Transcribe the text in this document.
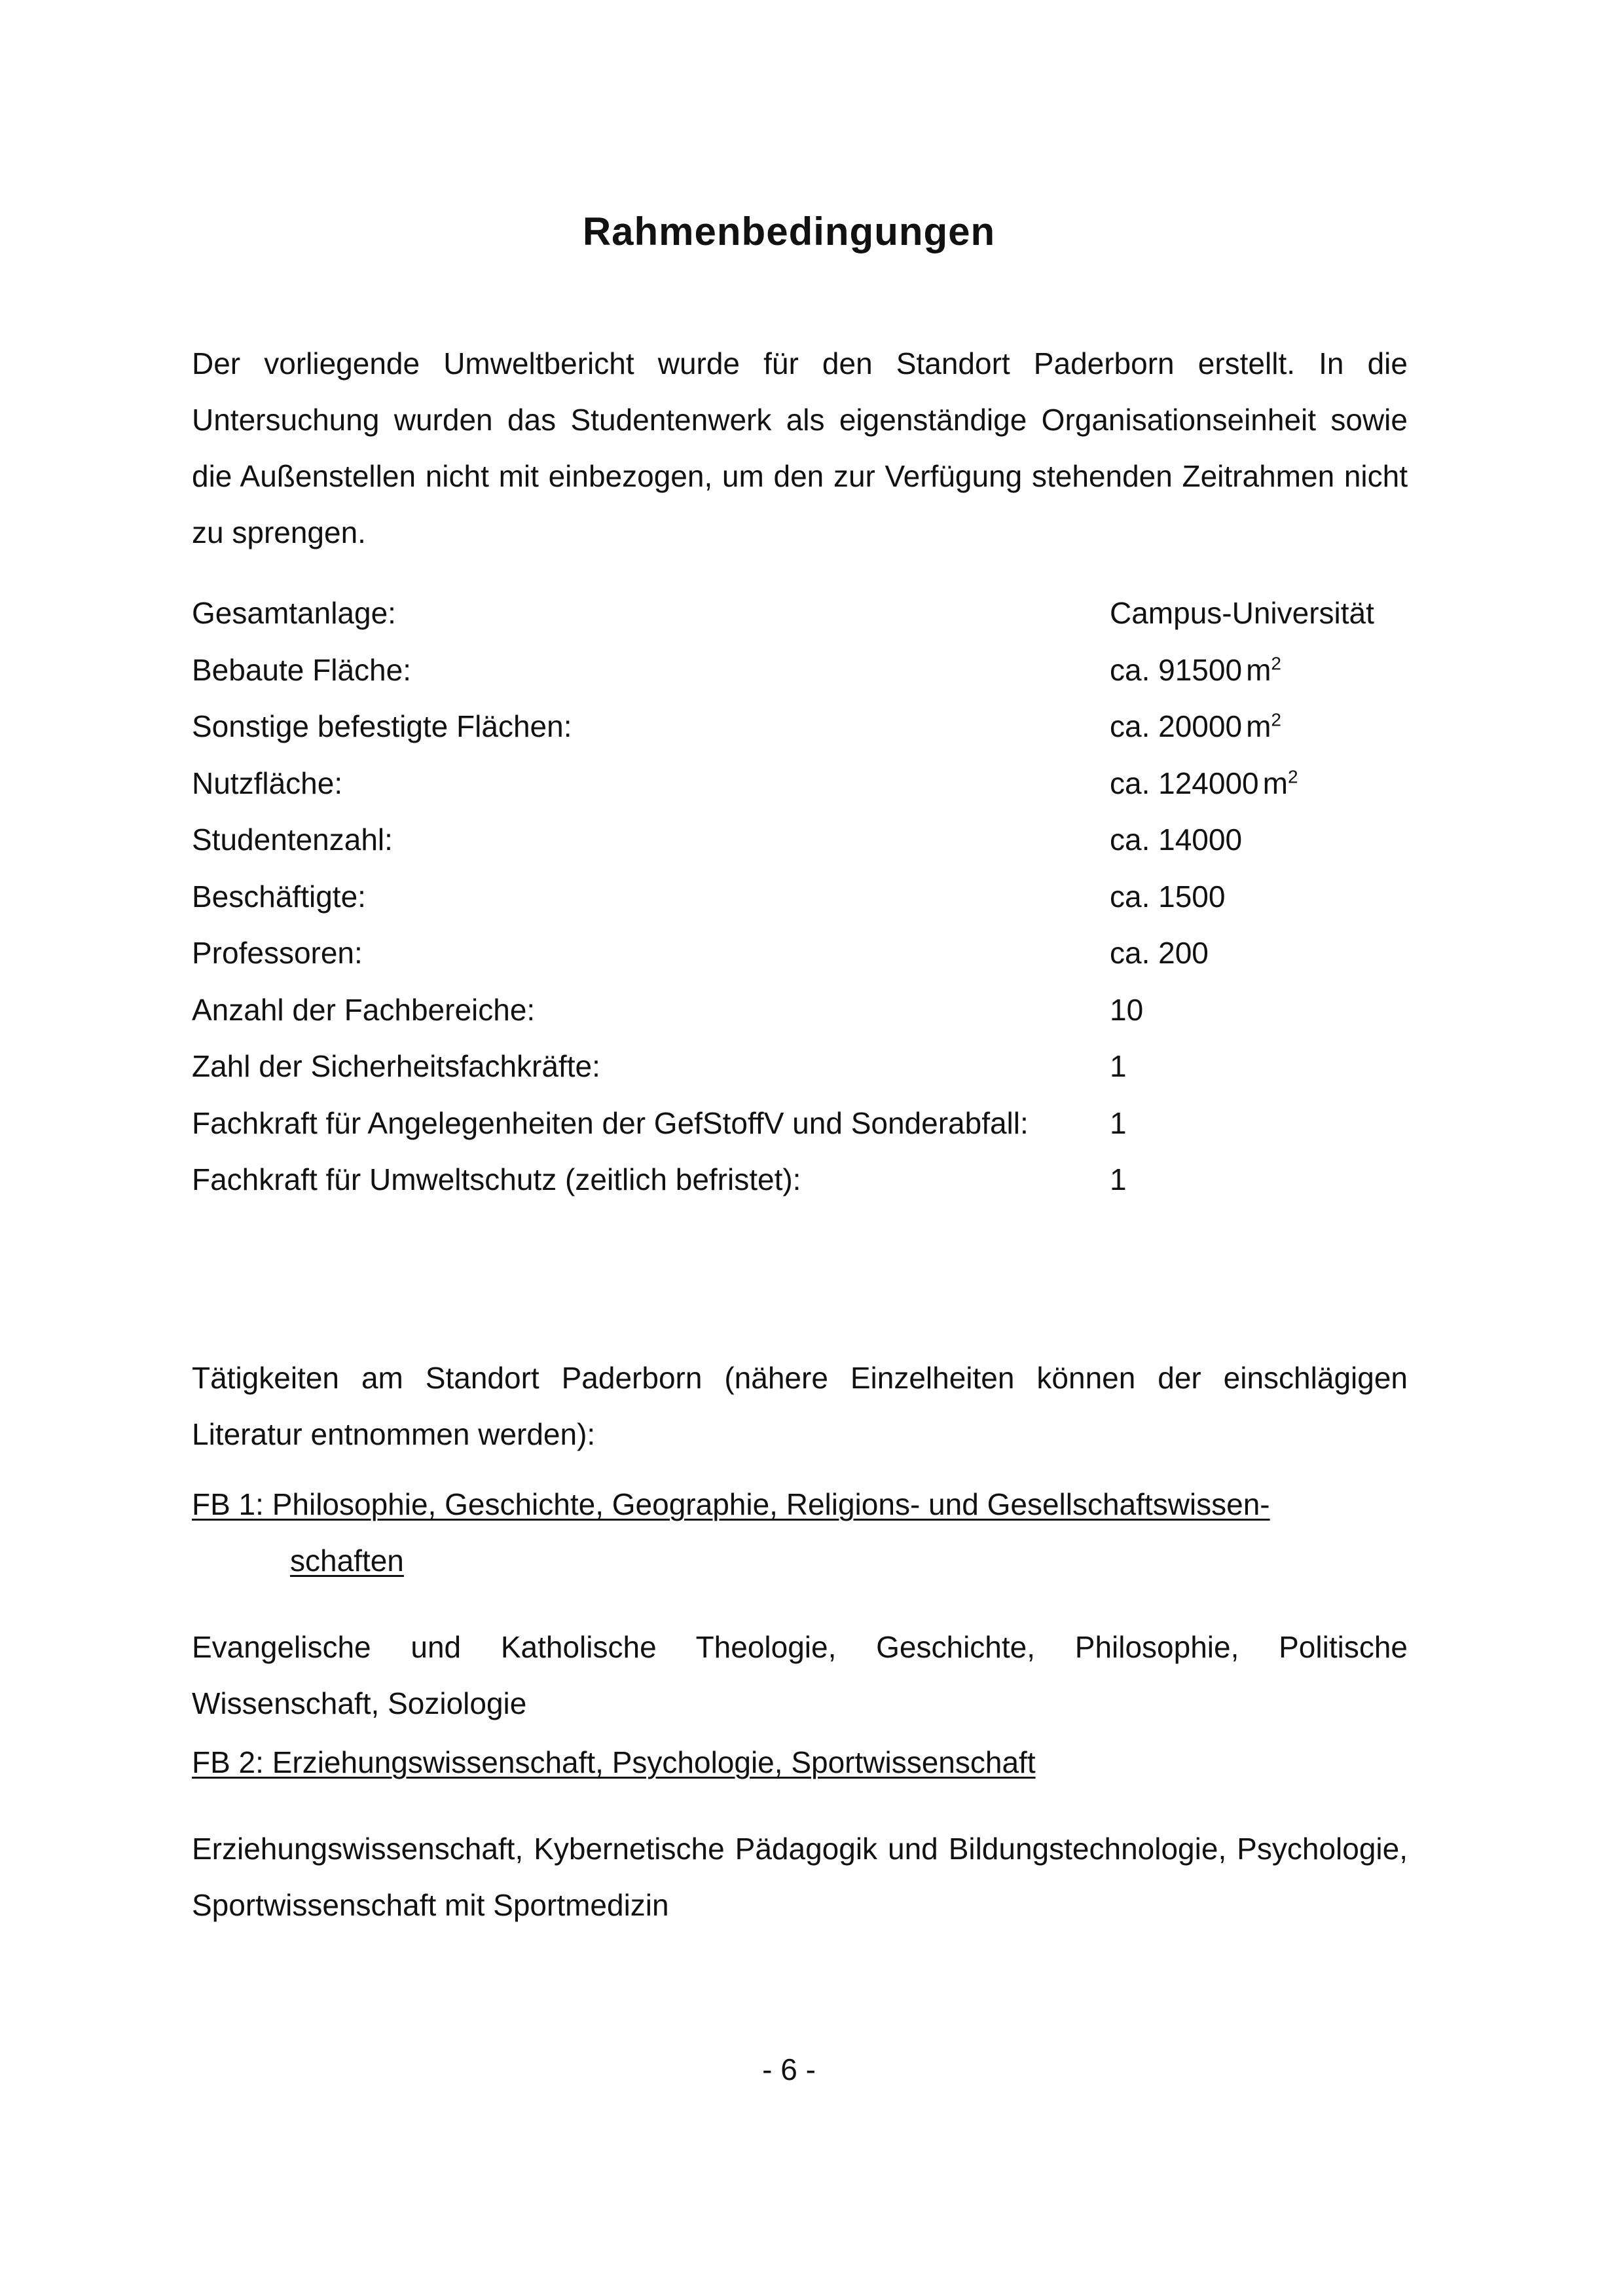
Rahmenbedingungen

Der vorliegende Umweltbericht wurde für den Standort Paderborn erstellt. In die Untersuchung wurden das Studentenwerk als eigenständige Organisationseinheit sowie die Außenstellen nicht mit einbezogen, um den zur Verfügung stehenden Zeitrahmen nicht zu sprengen.

Gesamtanlage:	Campus-Universität
Bebaute Fläche:	ca. 91500 $m^2$
Sonstige befestigte Flächen:	ca. 20000 $m^2$
Nutzfläche:	ca. 124000 $m^2$
Studentenzahl:	ca. 14000
Beschäftigte:	ca. 1500
Professoren:	ca. 200
Anzahl der Fachbereiche:	10
Zahl der Sicherheitsfachkräfte:	1
Fachkraft für Angelegenheiten der GefStoffV und Sonderabfall:	1
Fachkraft für Umweltschutz (zeitlich befristet):	1

Tätigkeiten am Standort Paderborn (nähere Einzelheiten können der einschlägigen Literatur entnommen werden):

FB 1: Philosophie, Geschichte, Geographie, Religions- und Gesellschaftswissen-
schaften

Evangelische und Katholische Theologie, Geschichte, Philosophie, Politische Wissenschaft, Soziologie

FB 2: Erziehungswissenschaft, Psychologie, Sportwissenschaft

Erziehungswissenschaft, Kybernetische Pädagogik und Bildungstechnologie, Psychologie, Sportwissenschaft mit Sportmedizin

- 6 -
